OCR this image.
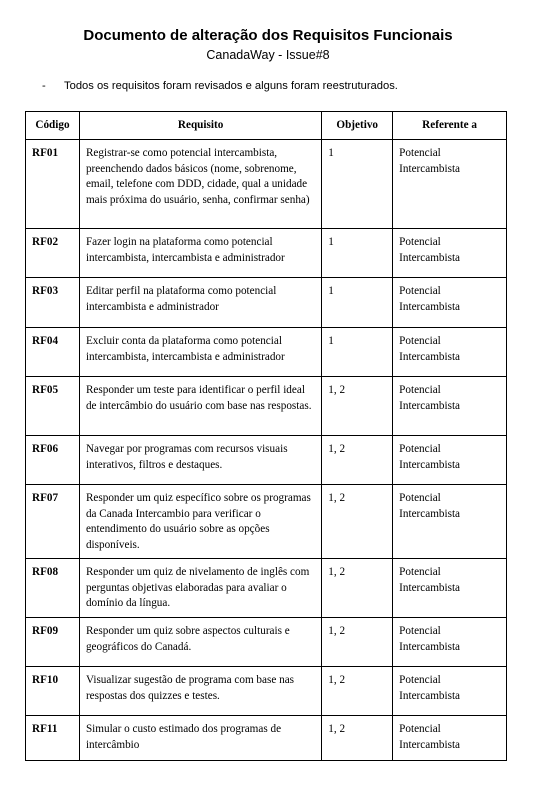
Documento de alteração dos Requisitos Funcionais
CanadaWay - Issue#8
- Todos os requisitos foram revisados e alguns foram reestruturados.
Código	Requisito	Objetivo	Referente a
RF01	Registrar-se como potencial intercambista, preenchendo dados básicos (nome, sobrenome, email, telefone com DDD, cidade, qual a unidade mais próxima do usuário, senha, confirmar senha)	1	Potencial Intercambista
RF02	Fazer login na plataforma como potencial intercambista, intercambista e administrador	1	Potencial Intercambista
RF03	Editar perfil na plataforma como potencial intercambista e administrador	1	Potencial Intercambista
RF04	Excluir conta da plataforma como potencial intercambista, intercambista e administrador	1	Potencial Intercambista
RF05	Responder um teste para identificar o perfil ideal de intercâmbio do usuário com base nas respostas.	1, 2	Potencial Intercambista
RF06	Navegar por programas com recursos visuais interativos, filtros e destaques.	1, 2	Potencial Intercambista
RF07	Responder um quiz específico sobre os programas da Canada Intercambio para verificar o entendimento do usuário sobre as opções disponíveis.	1, 2	Potencial Intercambista
RF08	Responder um quiz de nivelamento de inglês com perguntas objetivas elaboradas para avaliar o domínio da língua.	1, 2	Potencial Intercambista
RF09	Responder um quiz sobre aspectos culturais e geográficos do Canadá.	1, 2	Potencial Intercambista
RF10	Visualizar sugestão de programa com base nas respostas dos quizzes e testes.	1, 2	Potencial Intercambista
RF11	Simular o custo estimado dos programas de intercâmbio	1, 2	Potencial Intercambista
